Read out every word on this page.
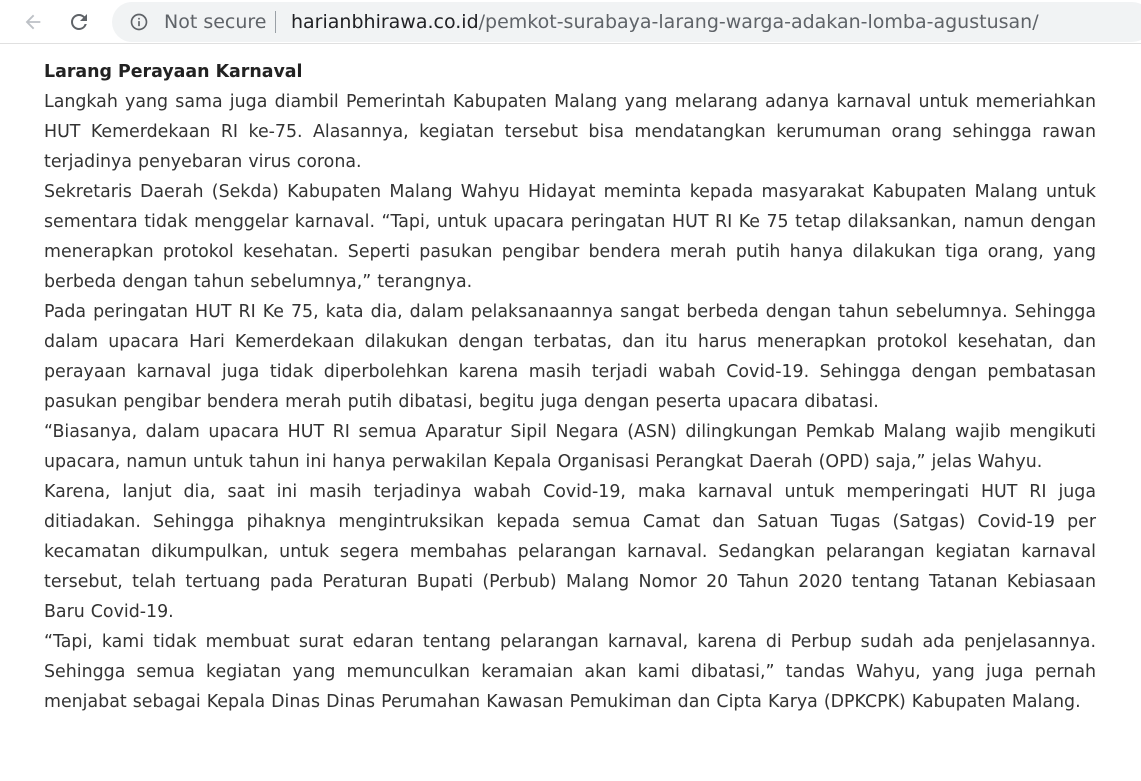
Not secure harianbhirawa.co.id/pemkot-surabaya-larang-warga-adakan-lomba-agustusan/
Larang Perayaan Karnaval

Langkah yang sama juga diambil Pemerintah Kabupaten Malang yang melarang adanya karnaval untuk memeriahkan HUT Kemerdekaan RI ke-75. Alasannya, kegiatan tersebut bisa mendatangkan kerumuman orang sehingga rawan terjadinya penyebaran virus corona.

Sekretaris Daerah (Sekda) Kabupaten Malang Wahyu Hidayat meminta kepada masyarakat Kabupaten Malang untuk sementara tidak menggelar karnaval. “Tapi, untuk upacara peringatan HUT RI Ke 75 tetap dilaksankan, namun dengan menerapkan protokol kesehatan. Seperti pasukan pengibar bendera merah putih hanya dilakukan tiga orang, yang berbeda dengan tahun sebelumnya,” terangnya.

Pada peringatan HUT RI Ke 75, kata dia, dalam pelaksanaannya sangat berbeda dengan tahun sebelumnya. Sehingga dalam upacara Hari Kemerdekaan dilakukan dengan terbatas, dan itu harus menerapkan protokol kesehatan, dan perayaan karnaval juga tidak diperbolehkan karena masih terjadi wabah Covid-19. Sehingga dengan pembatasan pasukan pengibar bendera merah putih dibatasi, begitu juga dengan peserta upacara dibatasi.

“Biasanya, dalam upacara HUT RI semua Aparatur Sipil Negara (ASN) dilingkungan Pemkab Malang wajib mengikuti upacara, namun untuk tahun ini hanya perwakilan Kepala Organisasi Perangkat Daerah (OPD) saja,” jelas Wahyu.

Karena, lanjut dia, saat ini masih terjadinya wabah Covid-19, maka karnaval untuk memperingati HUT RI juga ditiadakan. Sehingga pihaknya mengintruksikan kepada semua Camat dan Satuan Tugas (Satgas) Covid-19 per kecamatan dikumpulkan, untuk segera membahas pelarangan karnaval. Sedangkan pelarangan kegiatan karnaval tersebut, telah tertuang pada Peraturan Bupati (Perbub) Malang Nomor 20 Tahun 2020 tentang Tatanan Kebiasaan Baru Covid-19.

“Tapi, kami tidak membuat surat edaran tentang pelarangan karnaval, karena di Perbup sudah ada penjelasannya. Sehingga semua kegiatan yang memunculkan keramaian akan kami dibatasi,” tandas Wahyu, yang juga pernah menjabat sebagai Kepala Dinas Dinas Perumahan Kawasan Pemukiman dan Cipta Karya (DPKCPK) Kabupaten Malang.
